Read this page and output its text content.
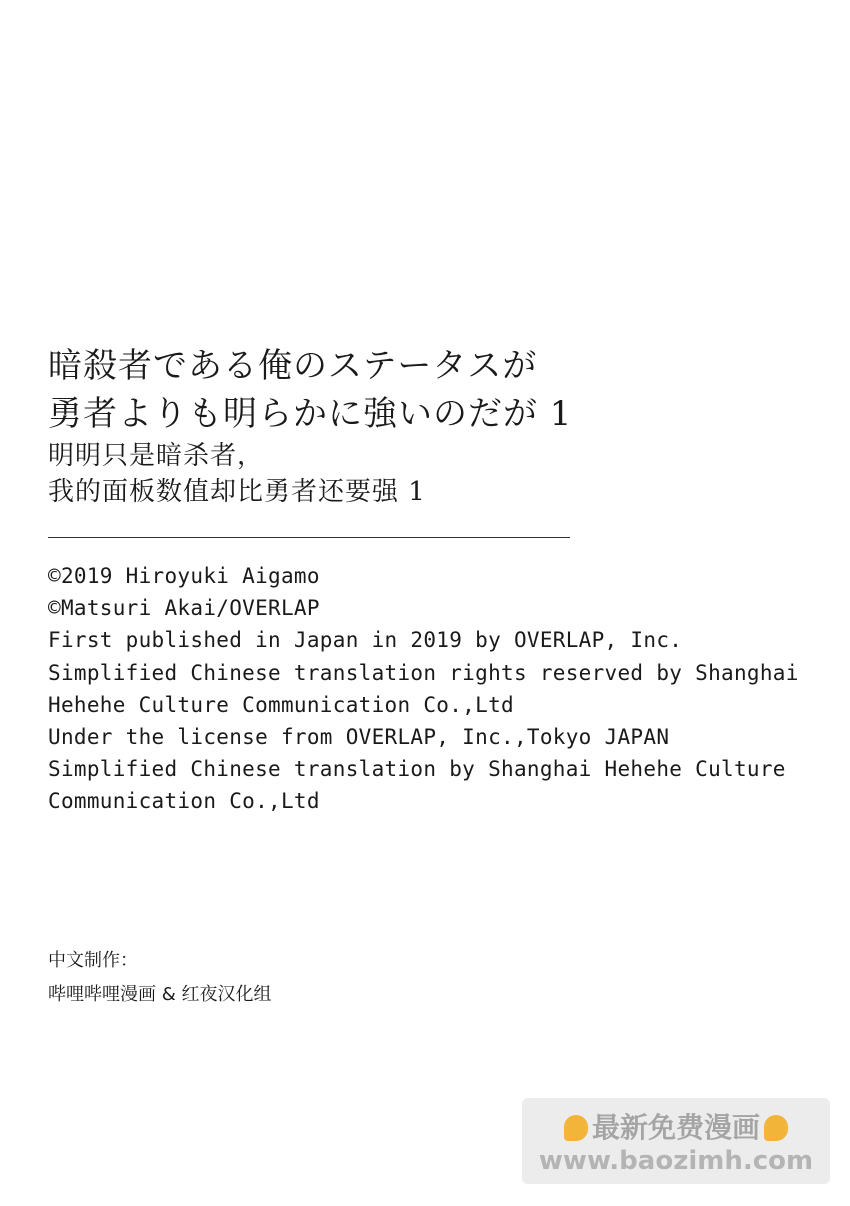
暗殺者である俺のステータスが
勇者よりも明らかに強いのだが 1
明明只是暗杀者，
我的面板数值却比勇者还要强 1
©2019 Hiroyuki Aigamo
©Matsuri Akai/OVERLAP
First published in Japan in 2019 by OVERLAP, Inc.
Simplified Chinese translation rights reserved by Shanghai
Hehehe Culture Communication Co.,Ltd
Under the license from OVERLAP, Inc.,Tokyo JAPAN
Simplified Chinese translation by Shanghai Hehehe Culture
Communication Co.,Ltd
中文制作：
哔哩哔哩漫画 & 红夜汉化组
最新免费漫画
www.baozimh.com
